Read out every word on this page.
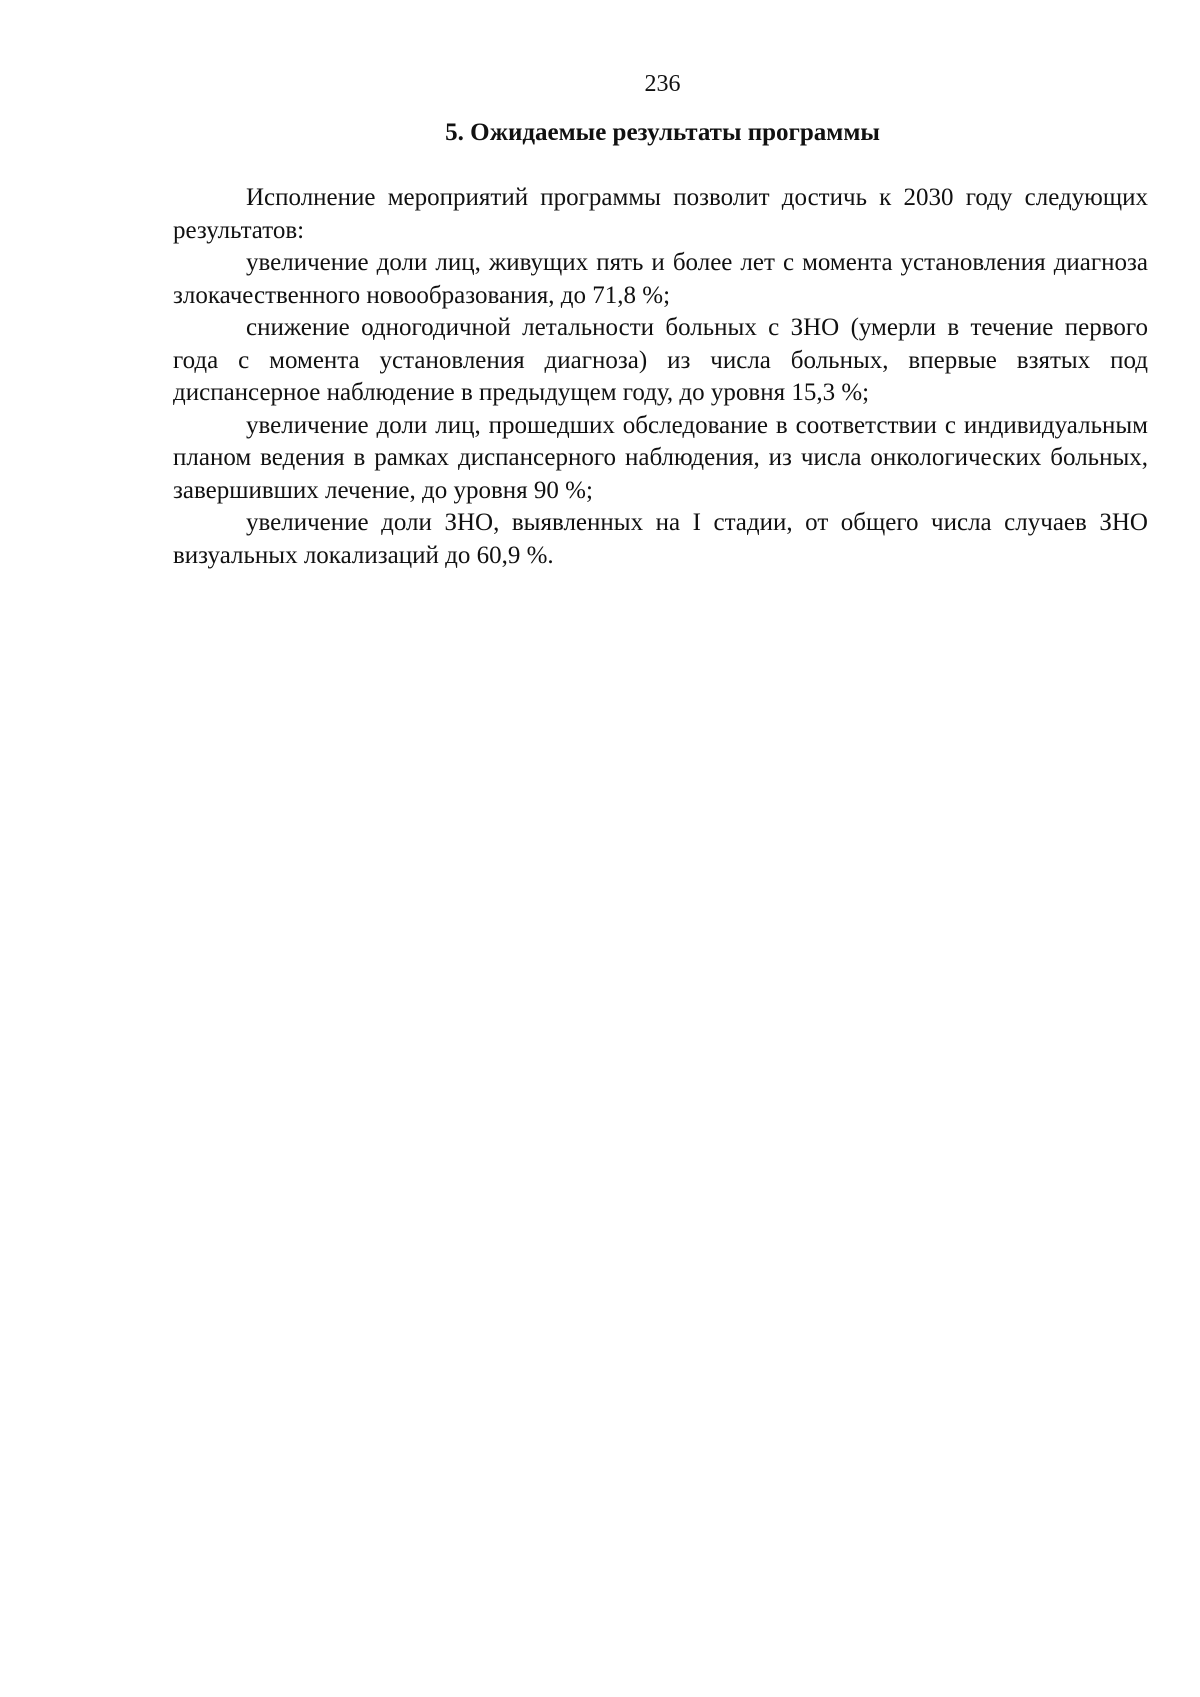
236
5. Ожидаемые результаты программы

Исполнение мероприятий программы позволит достичь к 2030 году следующих результатов:

увеличение доли лиц, живущих пять и более лет с момента установления диагноза злокачественного новообразования, до 71,8 %;

снижение одногодичной летальности больных с ЗНО (умерли в течение первого года с момента установления диагноза) из числа больных, впервые взятых под диспансерное наблюдение в предыдущем году, до уровня 15,3 %;

увеличение доли лиц, прошедших обследование в соответствии с индивидуальным планом ведения в рамках диспансерного наблюдения, из числа онкологических больных, завершивших лечение, до уровня 90 %;

увеличение доли ЗНО, выявленных на I стадии, от общего числа случаев ЗНО визуальных локализаций до 60,9 %.
